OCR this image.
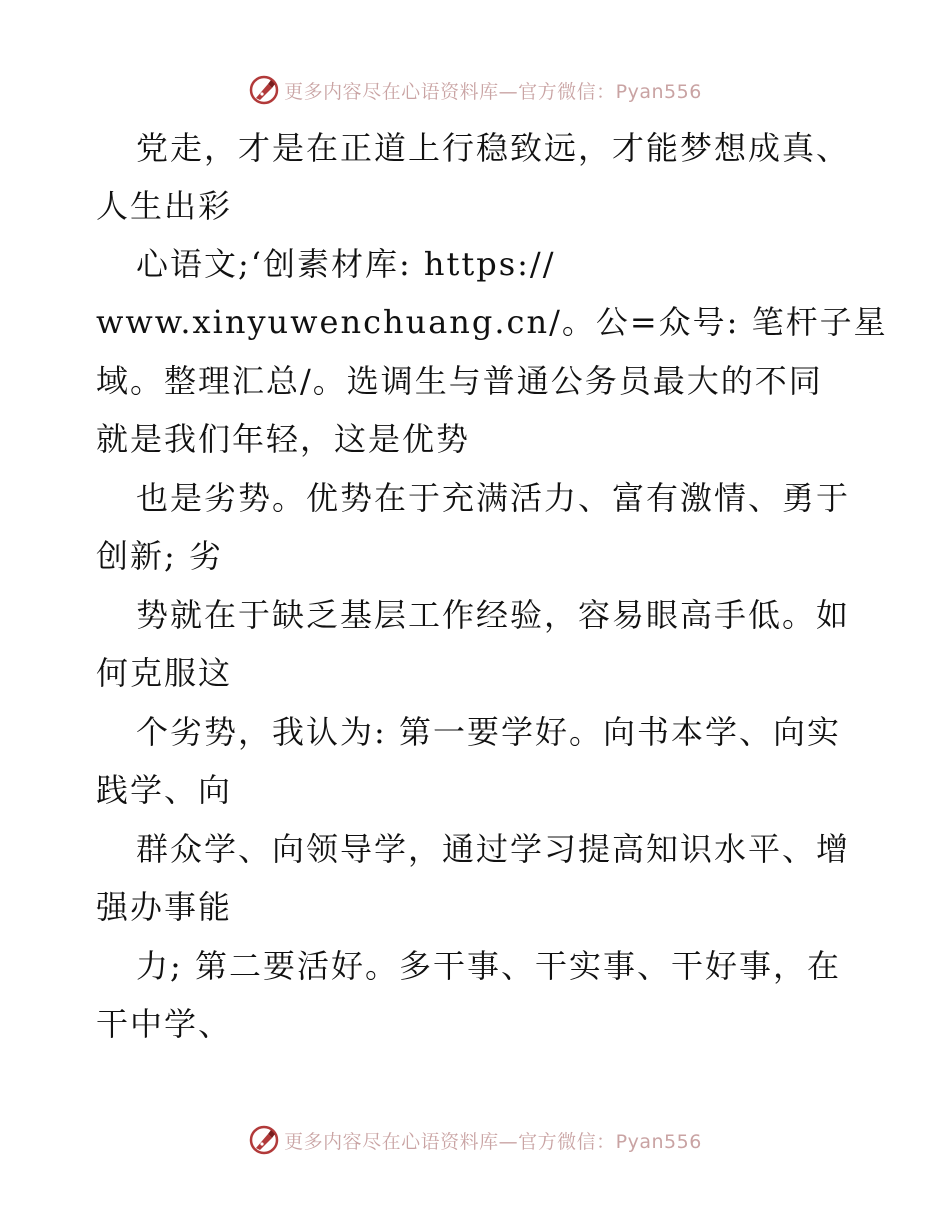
更多内容尽在心语资料库—官方微信：Pyan556
党走，才是在正道上行稳致远，才能梦想成真、
人生出彩
心语文;‘创素材库: https://
www.xinyuwenchuang.cn/。公=众号: 笔杆子星
域。整理汇总/。选调生与普通公务员最大的不同
就是我们年轻，这是优势
也是劣势。优势在于充满活力、富有激情、勇于
创新; 劣
势就在于缺乏基层工作经验，容易眼高手低。如
何克服这
个劣势，我认为: 第一要学好。向书本学、向实
践学、向
群众学、向领导学，通过学习提高知识水平、增
强办事能
力; 第二要活好。多干事、干实事、干好事，在
干中学、
更多内容尽在心语资料库—官方微信：Pyan556
